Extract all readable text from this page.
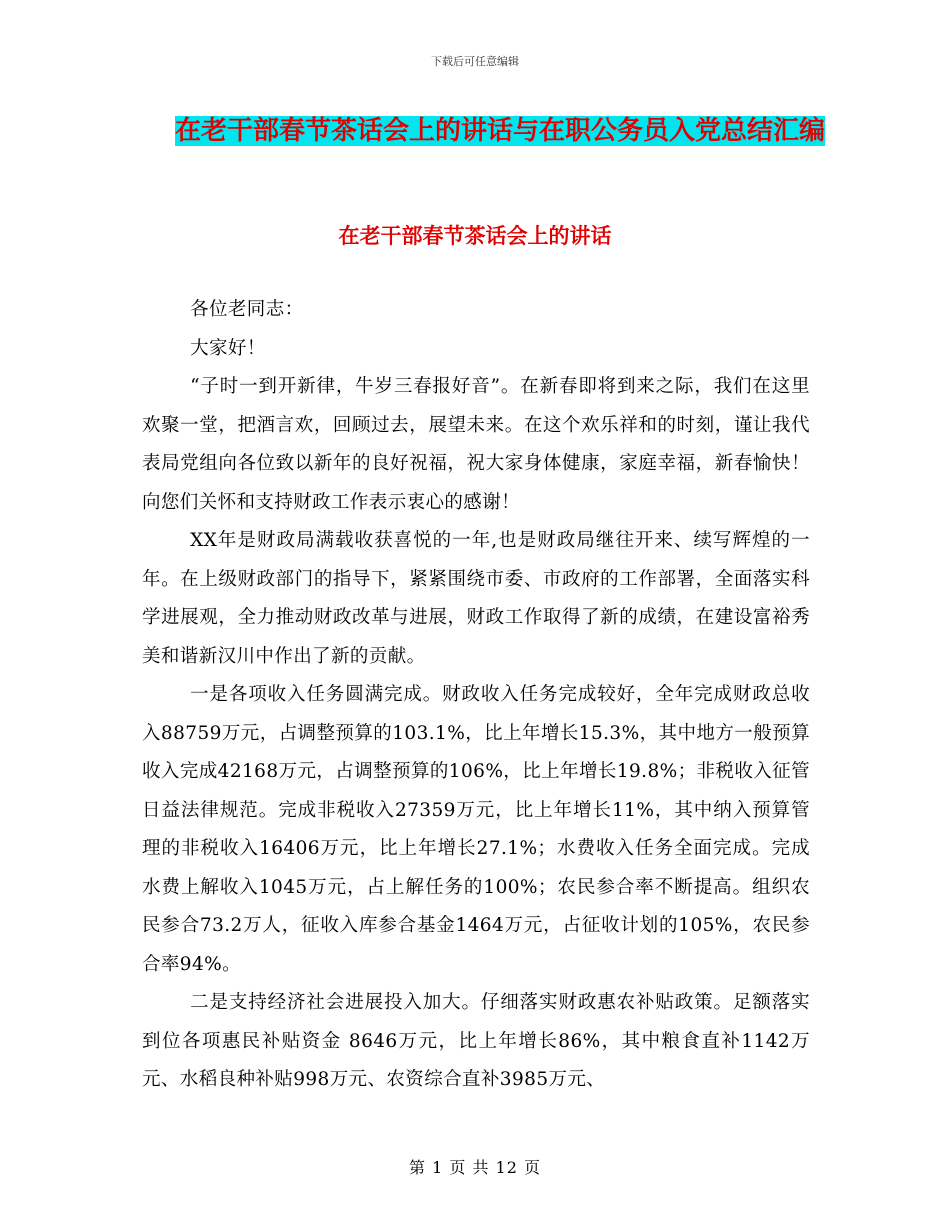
下载后可任意编辑
在老干部春节茶话会上的讲话与在职公务员入党总结汇编
在老干部春节茶话会上的讲话

各位老同志：

大家好！

“子时一到开新律，牛岁三春报好音”。在新春即将到来之际，我们在这里欢聚一堂，把酒言欢，回顾过去，展望未来。在这个欢乐祥和的时刻，谨让我代表局党组向各位致以新年的良好祝福，祝大家身体健康，家庭幸福，新春愉快！向您们关怀和支持财政工作表示衷心的感谢！

XX年是财政局满载收获喜悦的一年,也是财政局继往开来、续写辉煌的一年。在上级财政部门的指导下，紧紧围绕市委、市政府的工作部署，全面落实科学进展观，全力推动财政改革与进展，财政工作取得了新的成绩，在建设富裕秀美和谐新汉川中作出了新的贡献。

一是各项收入任务圆满完成。财政收入任务完成较好，全年完成财政总收入88759万元，占调整预算的103.1%，比上年增长15.3%，其中地方一般预算收入完成42168万元，占调整预算的106%，比上年增长19.8%；非税收入征管日益法律规范。完成非税收入27359万元，比上年增长11%，其中纳入预算管理的非税收入16406万元，比上年增长27.1%；水费收入任务全面完成。完成水费上解收入1045万元，占上解任务的100%；农民参合率不断提高。组织农民参合73.2万人，征收入库参合基金1464万元，占征收计划的105%，农民参合率94%。

二是支持经济社会进展投入加大。仔细落实财政惠农补贴政策。足额落实到位各项惠民补贴资金 8646万元，比上年增长86%，其中粮食直补1142万元、水稻良种补贴998万元、农资综合直补3985万元、

第 1 页 共 12 页
